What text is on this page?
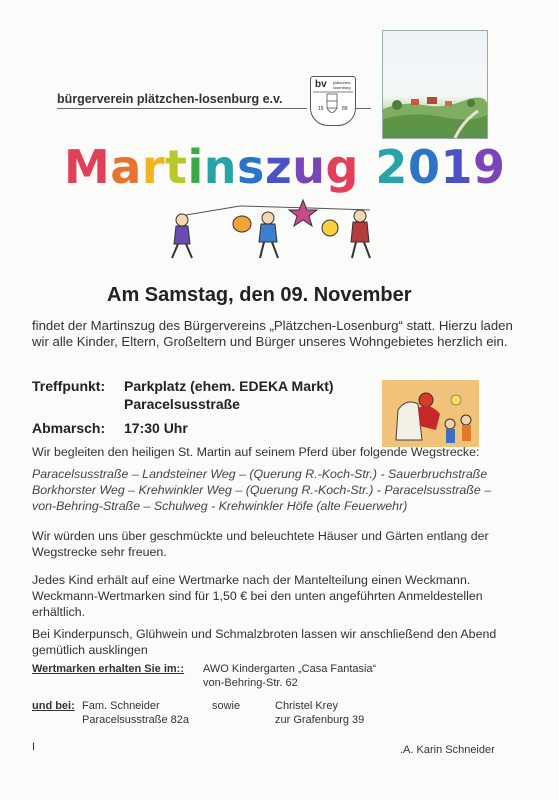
bürgerverein plätzchen-losenburg e.v.
bv plätzchen-losenburg
19	89
Martinszug 2019
Am Samstag, den 09. November
findet der Martinszug des Bürgervereins „Plätzchen-Losenburg“ statt. Hierzu laden wir alle Kinder, Eltern, Großeltern und Bürger unseres Wohngebietes herzlich ein.
Treffpunkt: Parkplatz (ehem. EDEKA Markt)
Paracelsusstraße
Abmarsch: 17:30 Uhr
Wir begleiten den heiligen St. Martin auf seinem Pferd über folgende Wegstrecke:
Paracelsusstraße – Landsteiner Weg – (Querung R.-Koch-Str.) - Sauerbruchstraße
Borkhorster Weg – Krehwinkler Weg – (Querung R.-Koch-Str.) - Paracelsusstraße –
von-Behring-Straße – Schulweg - Krehwinkler Höfe (alte Feuerwehr)
Wir würden uns über geschmückte und beleuchtete Häuser und Gärten entlang der Wegstrecke sehr freuen.
Jedes Kind erhält auf eine Wertmarke nach der Mantelteilung einen Weckmann. Weckmann-Wertmarken sind für 1,50 € bei den unten angeführten Anmeldestellen erhältlich.
Bei Kinderpunsch, Glühwein und Schmalzbroten lassen wir anschließend den Abend gemütlich ausklingen
Wertmarken erhalten Sie im:: AWO Kindergarten „Casa Fantasia“
von-Behring-Str. 62
und bei: Fam. Schneider
Paracelsusstraße 82a
sowie	Christel Krey
zur Grafenburg 39
I	.A. Karin Schneider
